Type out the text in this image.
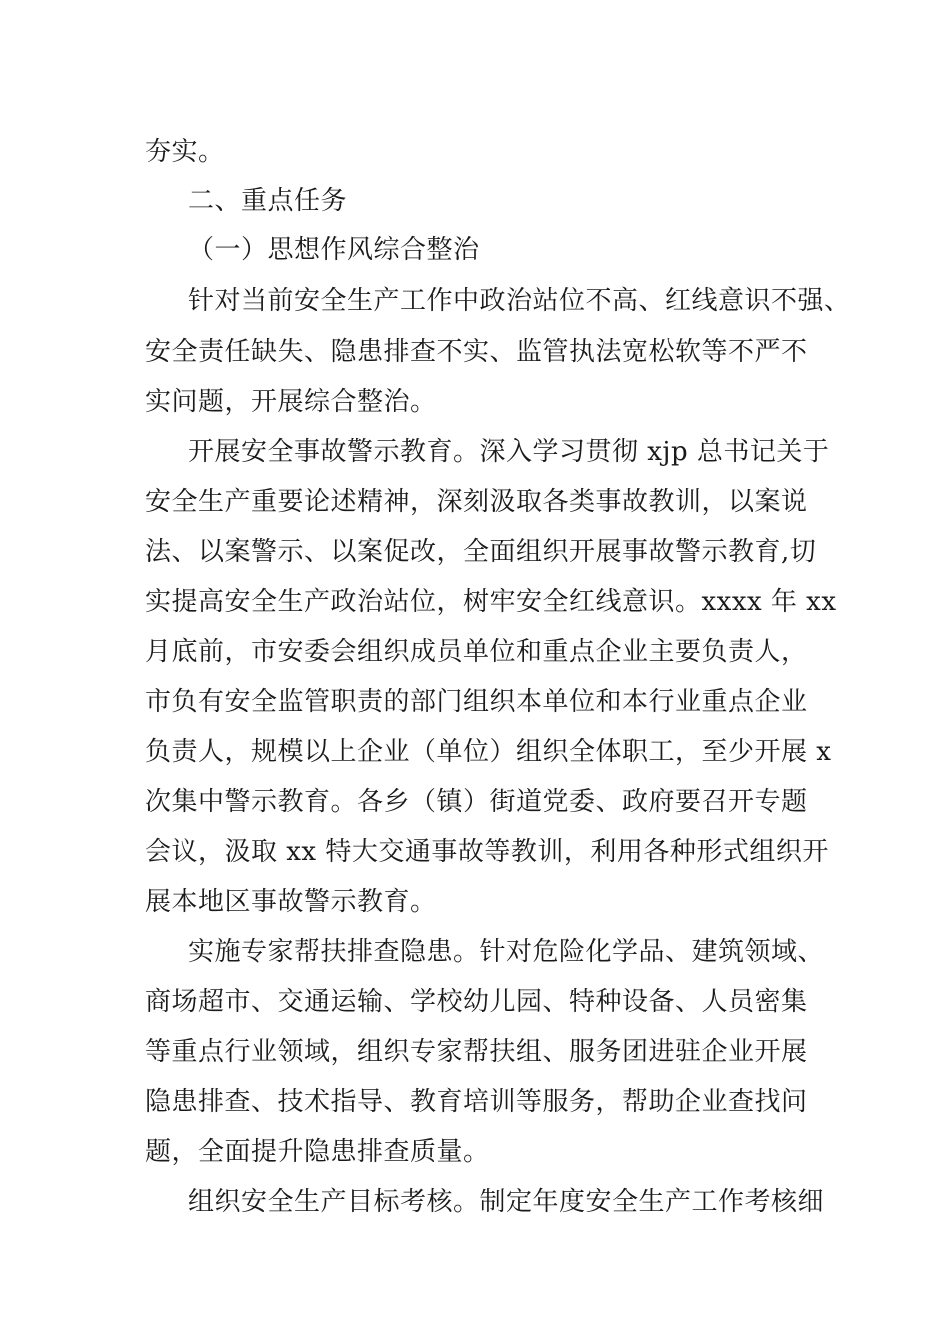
夯实。
二、重点任务
（一）思想作风综合整治
针对当前安全生产工作中政治站位不高、红线意识不强、
安全责任缺失、隐患排查不实、监管执法宽松软等不严不
实问题，开展综合整治。
开展安全事故警示教育。深入学习贯彻 xjp 总书记关于
安全生产重要论述精神，深刻汲取各类事故教训，以案说
法、以案警示、以案促改，全面组织开展事故警示教育,切
实提高安全生产政治站位，树牢安全红线意识。xxxx 年 xx
月底前，市安委会组织成员单位和重点企业主要负责人，
市负有安全监管职责的部门组织本单位和本行业重点企业
负责人，规模以上企业（单位）组织全体职工，至少开展 x
次集中警示教育。各乡（镇）街道党委、政府要召开专题
会议，汲取 xx 特大交通事故等教训，利用各种形式组织开
展本地区事故警示教育。
实施专家帮扶排查隐患。针对危险化学品、建筑领域、
商场超市、交通运输、学校幼儿园、特种设备、人员密集
等重点行业领域，组织专家帮扶组、服务团进驻企业开展
隐患排查、技术指导、教育培训等服务，帮助企业查找问
题，全面提升隐患排查质量。
组织安全生产目标考核。制定年度安全生产工作考核细
